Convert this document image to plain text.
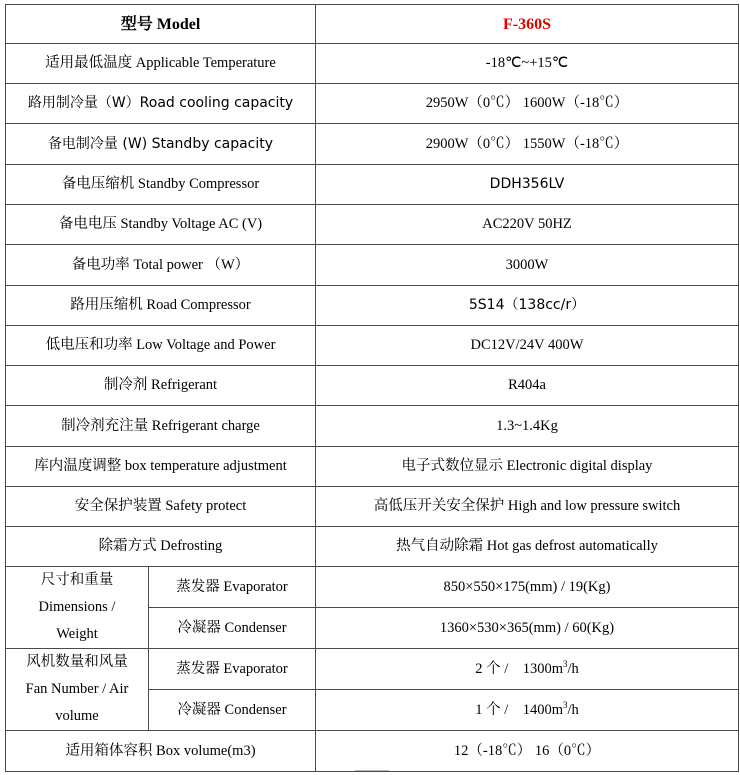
型号 Model		F-360S
适用最低温度 Applicable Temperature		-18℃~+15℃
路用制冷量（W）Road cooling capacity		2950W（0℃） 1600W（-18℃）
备电制冷量 (W) Standby capacity		2900W（0℃） 1550W（-18℃）
备电压缩机 Standby Compressor		DDH356LV
备电电压 Standby Voltage AC (V)		AC220V 50HZ
备电功率 Total power （W）		3000W
路用压缩机 Road Compressor		5S14（138cc/r）
低电压和功率 Low Voltage and Power		DC12V/24V 400W
制冷剂 Refrigerant		R404a
制冷剂充注量 Refrigerant charge		1.3~1.4Kg
库内温度调整 box temperature adjustment		电子式数位显示 Electronic digital display
安全保护装置 Safety protect		高低压开关安全保护 High and low pressure switch
除霜方式 Defrosting		热气自动除霜 Hot gas defrost automatically

尺寸和重量
Dimensions /
Weight	蒸发器 Evaporator	850×550×175(mm) / 19(Kg)
	冷凝器 Condenser	1360×530×365(mm) / 60(Kg)

风机数量和风量
Fan Number / Air
volume	蒸发器 Evaporator	2 个 / $1300m^3/h$
	冷凝器 Condenser	1 个 / $1400m^3/h$
适用箱体容积 Box volume(m3)		12（-18℃） 16（0℃）
